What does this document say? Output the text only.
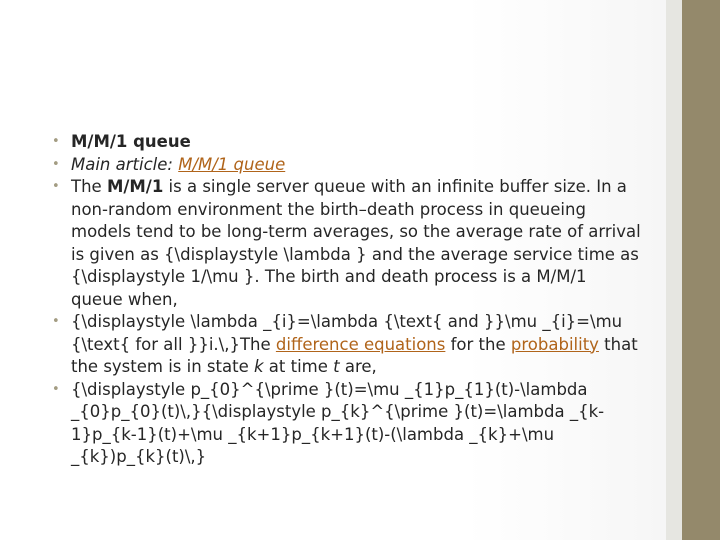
• M/M/1 queue
• Main article: M/M/1 queue
• The M/M/1 is a single server queue with an infinite buffer size. In a non-random environment the birth–death process in queueing models tend to be long-term averages, so the average rate of arrival is given as {\displaystyle \lambda } and the average service time as {\displaystyle 1/\mu }. The birth and death process is a M/M/1 queue when,
• {\displaystyle \lambda _{i}=\lambda {\text{ and }}\mu _{i}=\mu {\text{ for all }}i.\,}The difference equations for the probability that the system is in state k at time t are,
• {\displaystyle p_{0}^{\prime }(t)=\mu _{1}p_{1}(t)-\lambda _{0}p_{0}(t)\,}{\displaystyle p_{k}^{\prime }(t)=\lambda _{k-1}p_{k-1}(t)+\mu _{k+1}p_{k+1}(t)-(\lambda _{k}+\mu _{k})p_{k}(t)\,}
